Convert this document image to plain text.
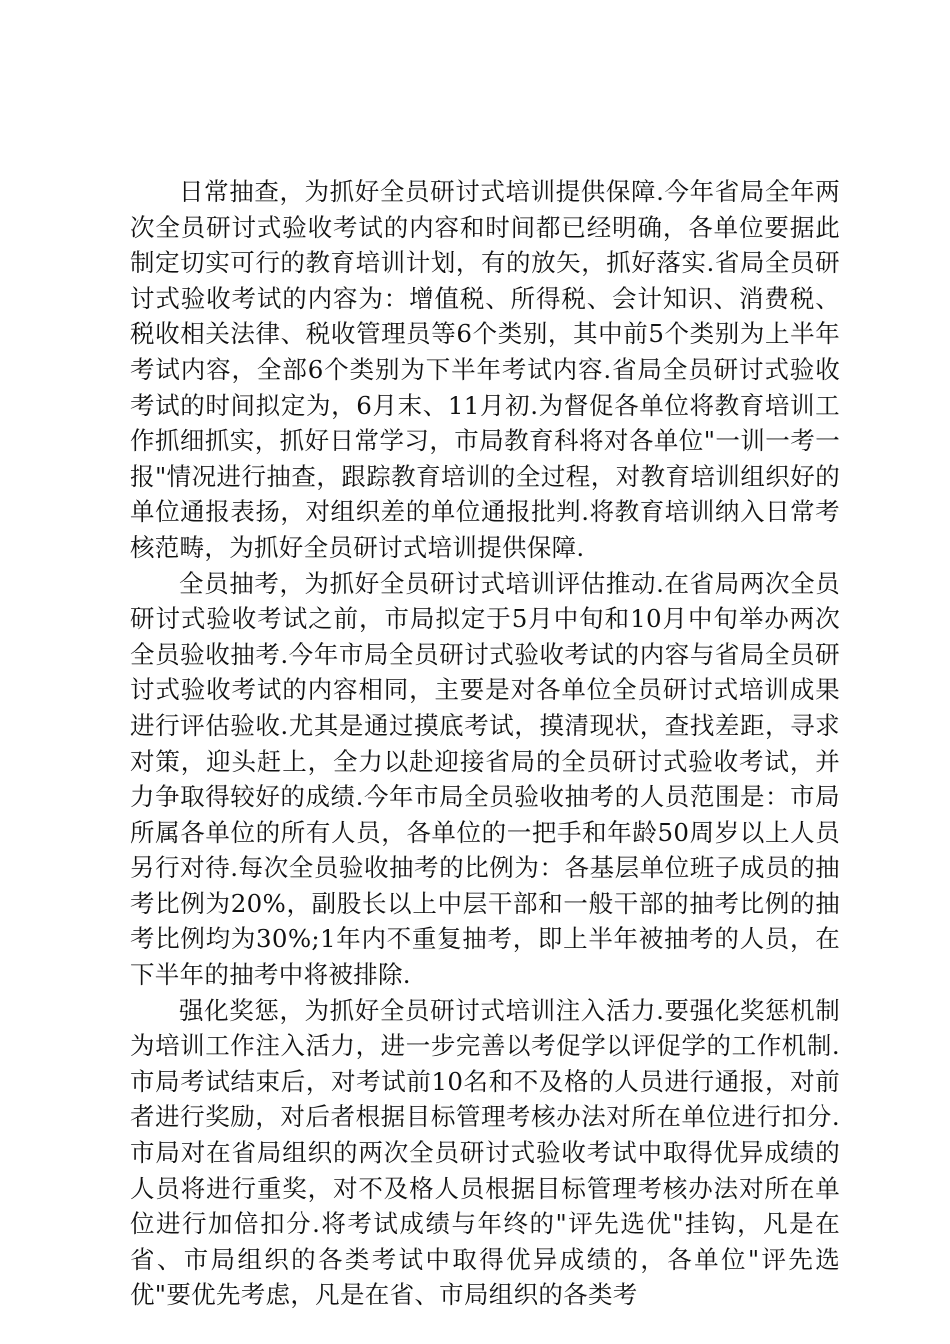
日常抽查，为抓好全员研讨式培训提供保障.今年省局全年两次全员研讨式验收考试的内容和时间都已经明确，各单位要据此制定切实可行的教育培训计划，有的放矢，抓好落实.省局全员研讨式验收考试的内容为：增值税、所得税、会计知识、消费税、税收相关法律、税收管理员等6个类别，其中前5个类别为上半年考试内容，全部6个类别为下半年考试内容.省局全员研讨式验收考试的时间拟定为，6月末、11月初.为督促各单位将教育培训工作抓细抓实，抓好日常学习，市局教育科将对各单位"一训一考一报"情况进行抽查，跟踪教育培训的全过程，对教育培训组织好的单位通报表扬，对组织差的单位通报批判.将教育培训纳入日常考核范畴，为抓好全员研讨式培训提供保障.

全员抽考，为抓好全员研讨式培训评估推动.在省局两次全员研讨式验收考试之前，市局拟定于5月中旬和10月中旬举办两次全员验收抽考.今年市局全员研讨式验收考试的内容与省局全员研讨式验收考试的内容相同，主要是对各单位全员研讨式培训成果进行评估验收.尤其是通过摸底考试，摸清现状，查找差距，寻求对策，迎头赶上，全力以赴迎接省局的全员研讨式验收考试，并力争取得较好的成绩.今年市局全员验收抽考的人员范围是：市局所属各单位的所有人员，各单位的一把手和年龄50周岁以上人员另行对待.每次全员验收抽考的比例为：各基层单位班子成员的抽考比例为20%，副股长以上中层干部和一般干部的抽考比例的抽考比例均为30%;1年内不重复抽考，即上半年被抽考的人员，在下半年的抽考中将被排除.

强化奖惩，为抓好全员研讨式培训注入活力.要强化奖惩机制为培训工作注入活力，进一步完善以考促学以评促学的工作机制.市局考试结束后，对考试前10名和不及格的人员进行通报，对前者进行奖励，对后者根据目标管理考核办法对所在单位进行扣分.市局对在省局组织的两次全员研讨式验收考试中取得优异成绩的人员将进行重奖，对不及格人员根据目标管理考核办法对所在单位进行加倍扣分.将考试成绩与年终的"评先选优"挂钩，凡是在省、市局组织的各类考试中取得优异成绩的，各单位"评先选优"要优先考虑，凡是在省、市局组织的各类考
